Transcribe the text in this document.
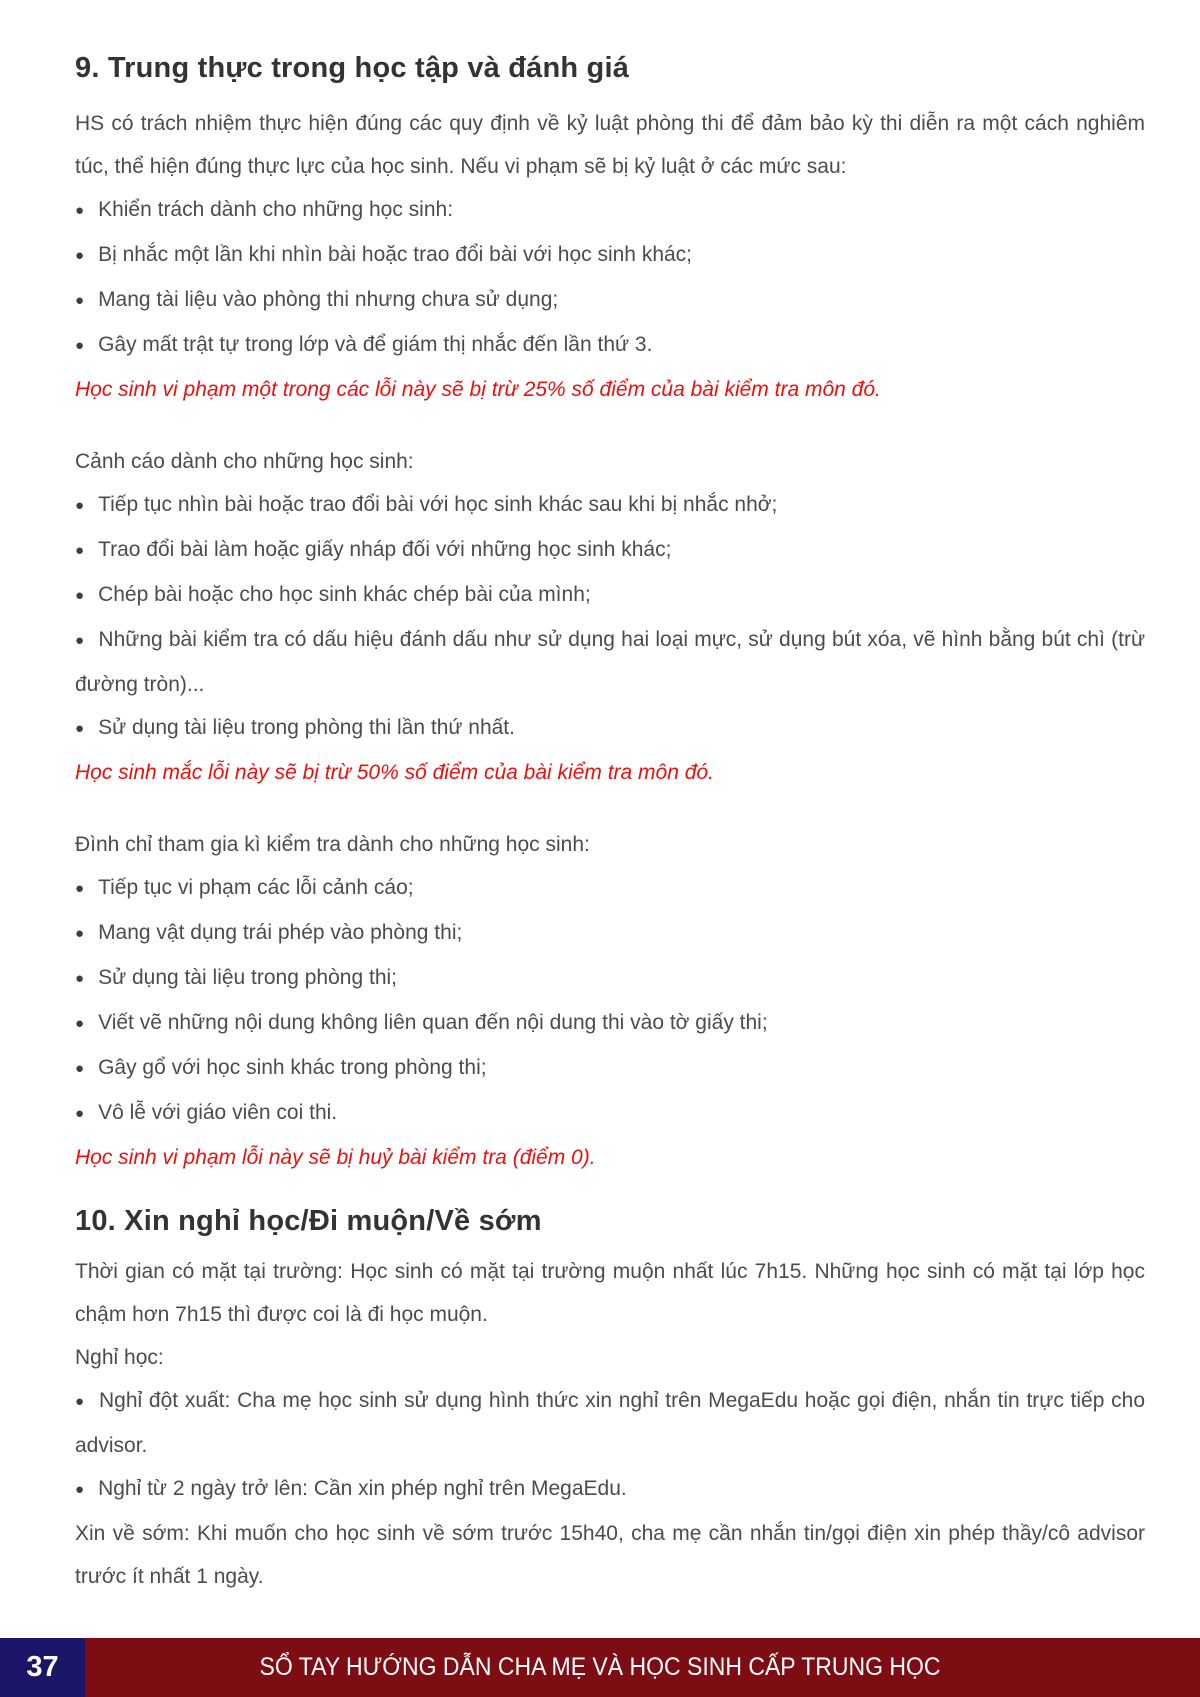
9. Trung thực trong học tập và đánh giá

HS có trách nhiệm thực hiện đúng các quy định về kỷ luật phòng thi để đảm bảo kỳ thi diễn ra một cách nghiêm túc, thể hiện đúng thực lực của học sinh. Nếu vi phạm sẽ bị kỷ luật ở các mức sau:

● Khiển trách dành cho những học sinh:

● Bị nhắc một lần khi nhìn bài hoặc trao đổi bài với học sinh khác;

● Mang tài liệu vào phòng thi nhưng chưa sử dụng;

● Gây mất trật tự trong lớp và để giám thị nhắc đến lần thứ 3.

Học sinh vi phạm một trong các lỗi này sẽ bị trừ 25% số điểm của bài kiểm tra môn đó.

Cảnh cáo dành cho những học sinh:

● Tiếp tục nhìn bài hoặc trao đổi bài với học sinh khác sau khi bị nhắc nhở;

● Trao đổi bài làm hoặc giấy nháp đối với những học sinh khác;

● Chép bài hoặc cho học sinh khác chép bài của mình;

● Những bài kiểm tra có dấu hiệu đánh dấu như sử dụng hai loại mực, sử dụng bút xóa, vẽ hình bằng bút chì (trừ đường tròn)...

● Sử dụng tài liệu trong phòng thi lần thứ nhất.

Học sinh mắc lỗi này sẽ bị trừ 50% số điểm của bài kiểm tra môn đó.

Đình chỉ tham gia kì kiểm tra dành cho những học sinh:

● Tiếp tục vi phạm các lỗi cảnh cáo;

● Mang vật dụng trái phép vào phòng thi;

● Sử dụng tài liệu trong phòng thi;

● Viết vẽ những nội dung không liên quan đến nội dung thi vào tờ giấy thi;

● Gây gổ với học sinh khác trong phòng thi;

● Vô lễ với giáo viên coi thi.

Học sinh vi phạm lỗi này sẽ bị huỷ bài kiểm tra (điểm 0).

10. Xin nghỉ học/Đi muộn/Về sớm

Thời gian có mặt tại trường: Học sinh có mặt tại trường muộn nhất lúc 7h15. Những học sinh có mặt tại lớp học chậm hơn 7h15 thì được coi là đi học muộn.

Nghỉ học:

● Nghỉ đột xuất: Cha mẹ học sinh sử dụng hình thức xin nghỉ trên MegaEdu hoặc gọi điện, nhắn tin trực tiếp cho advisor.

● Nghỉ từ 2 ngày trở lên: Cần xin phép nghỉ trên MegaEdu.

Xin về sớm: Khi muốn cho học sinh về sớm trước 15h40, cha mẹ cần nhắn tin/gọi điện xin phép thầy/cô advisor trước ít nhất 1 ngày.

37	SỔ TAY HƯỚNG DẪN CHA MẸ VÀ HỌC SINH CẤP TRUNG HỌC
